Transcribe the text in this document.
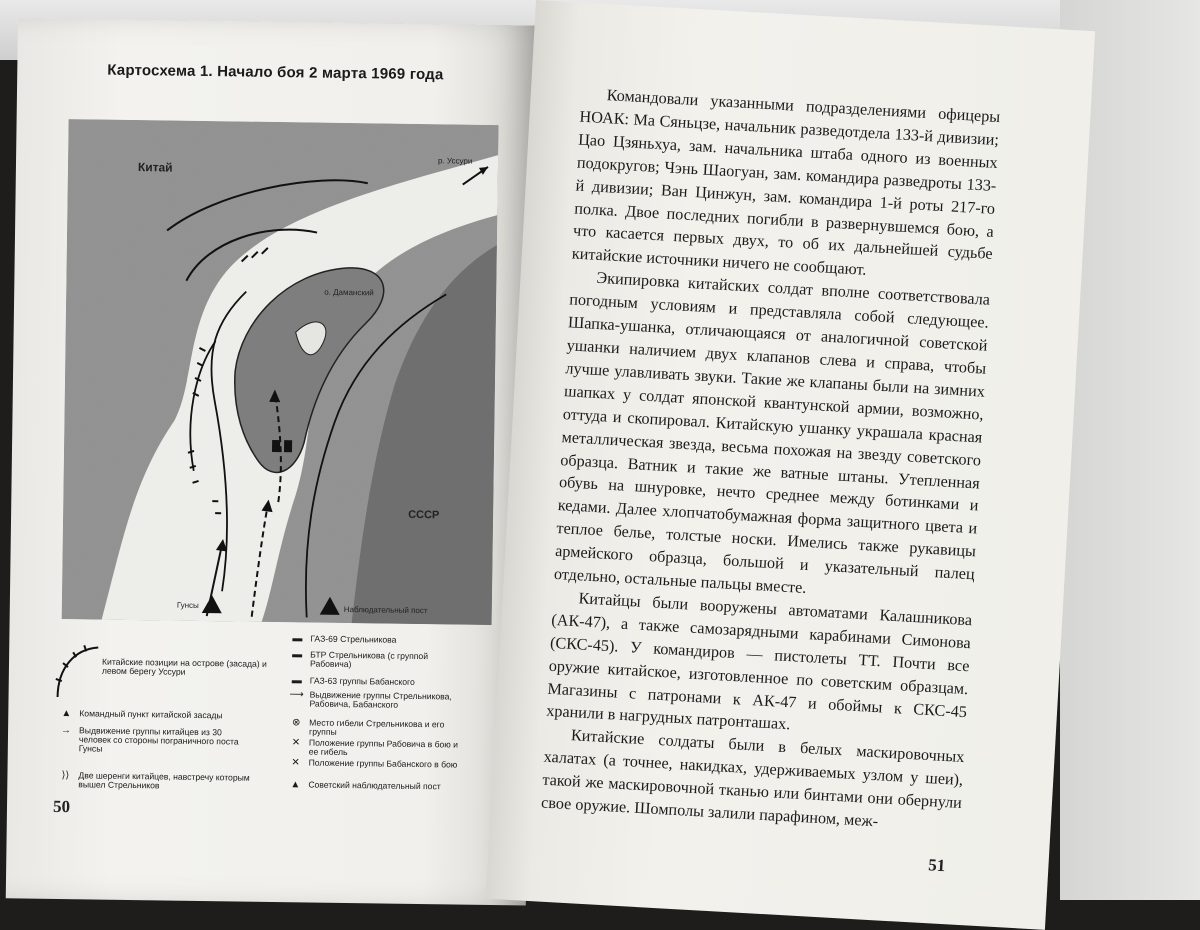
Картосхема 1. Начало боя 2 марта 1969 года
Китай	р. Уссури
о. Даманский
СССР
Гунсы	Наблюдательный пост
Китайские позиции на острове (засада) и левом берегу Уссури
▲ Командный пункт китайской засады
→ Выдвижение группы китайцев из 30 человек со стороны пограничного поста Гунсы
⟩⟩	Две шеренги китайцев, навстречу которым вышел Стрельников
▬ ГАЗ-69 Стрельникова
▬ БТР Стрельникова (с группой Рабовича)
▬ ГАЗ-63 группы Бабанского
⟶ Выдвижение группы Стрельникова, Рабовича, Бабанского
⊗	Место гибели Стрельникова и его группы
✕	Положение группы Рабовича в бою и ее гибель
✕	Положение группы Бабанского в бою
▲ Советский наблюдательный пост
50

Командовали указанными подразделениями офицеры НОАК: Ма Сяньцзе, начальник разведотдела 133-й дивизии; Цао Цзяньхуа, зам. начальника штаба одного из военных подокругов; Чэнь Шаогуан, зам. командира разведроты 133-й дивизии; Ван Цинжун, зам. командира 1-й роты 217-го полка. Двое последних погибли в развернувшемся бою, а что касается первых двух, то об их дальнейшей судьбе китайские источники ничего не сообщают.

Экипировка китайских солдат вполне соответствовала погодным условиям и представляла собой следующее. Шапка-ушанка, отличающаяся от аналогичной советской ушанки наличием двух клапанов слева и справа, чтобы лучше улавливать звуки. Такие же клапаны были на зимних шапках у солдат японской квантунской армии, возможно, оттуда и скопировал. Китайскую ушанку украшала красная металлическая звезда, весьма похожая на звезду советского образца. Ватник и такие же ватные штаны. Утепленная обувь на шнуровке, нечто среднее между ботинками и кедами. Далее хлопчатобумажная форма защитного цвета и теплое белье, толстые носки. Имелись также рукавицы армейского образца, большой и указательный палец отдельно, остальные пальцы вместе.

Китайцы были вооружены автоматами Калашникова (АК-47), а также самозарядными карабинами Симонова (СКС-45). У командиров — пистолеты ТТ. Почти все оружие китайское, изготовленное по советским образцам. Магазины с патронами к АК-47 и обоймы к СКС-45 хранили в нагрудных патронташах.

Китайские солдаты были в белых маскировочных халатах (а точнее, накидках, удерживаемых узлом у шеи), такой же маскировочной тканью или бинтами они обернули свое оружие. Шомполы залили парафином, меж-

51
